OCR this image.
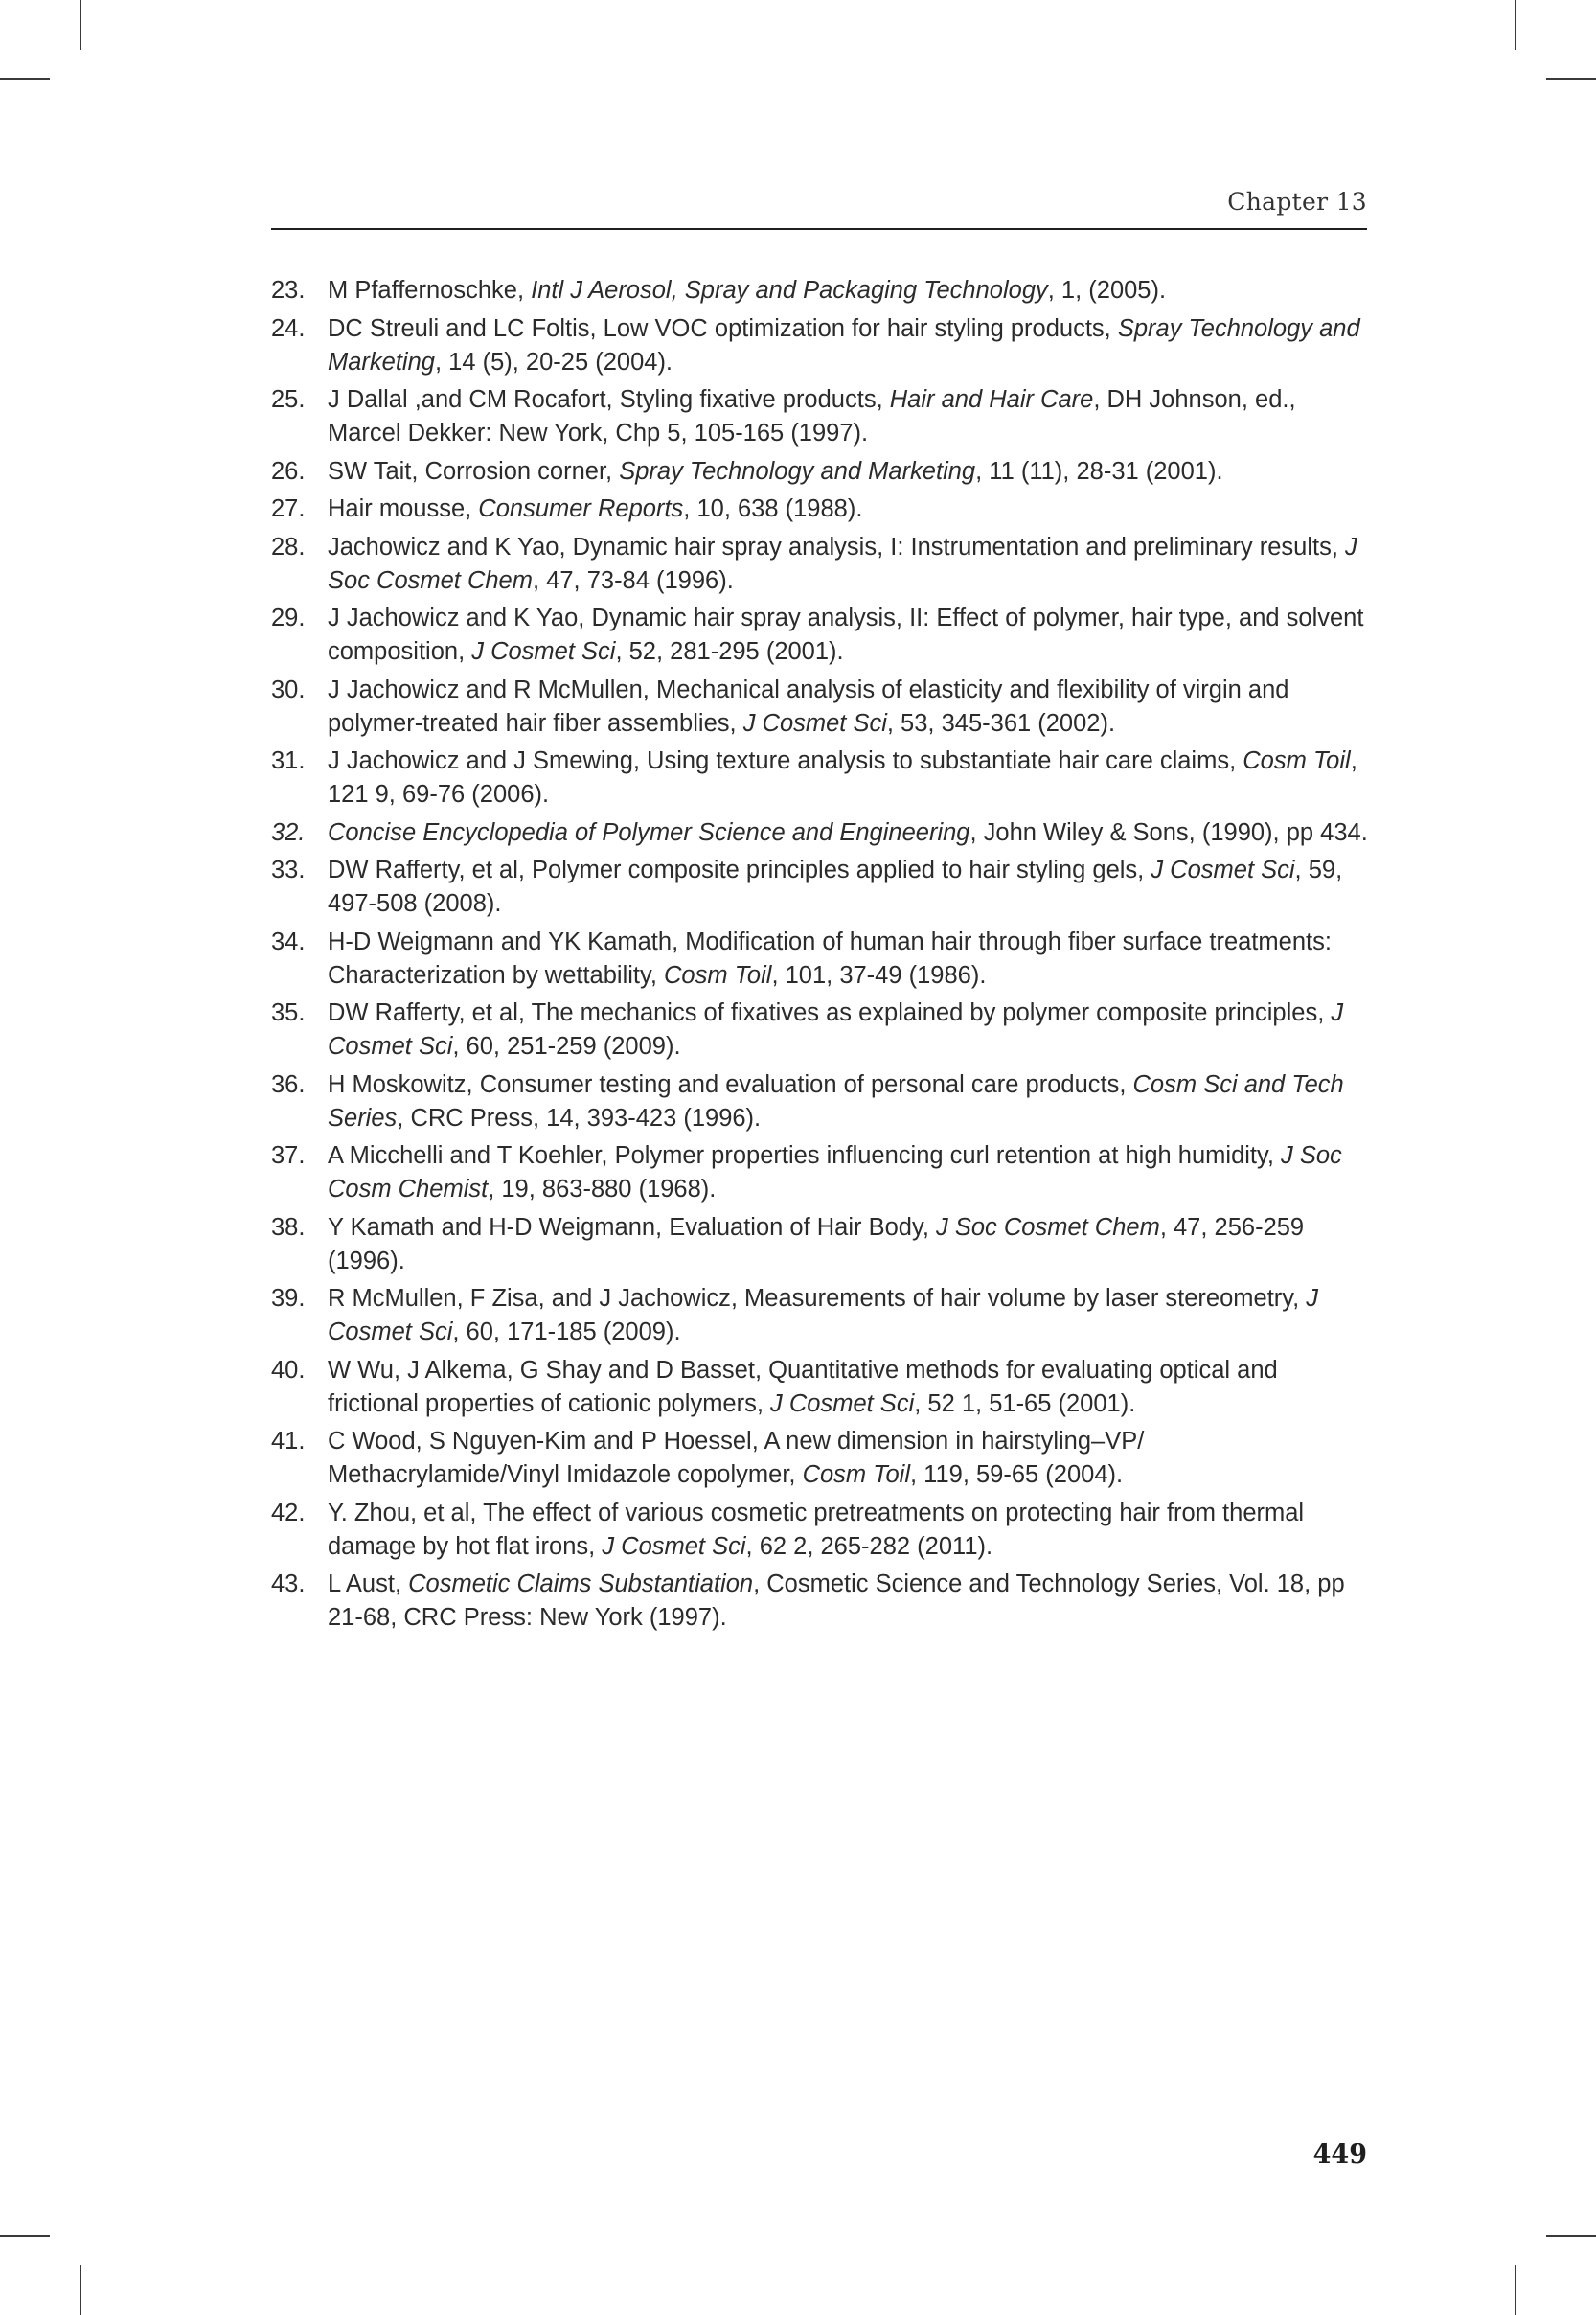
Chapter 13
23. M Pfaffernoschke, Intl J Aerosol, Spray and Packaging Technology, 1, (2005).
24. DC Streuli and LC Foltis, Low VOC optimization for hair styling products, Spray Technology and Marketing, 14 (5), 20-25 (2004).
25. J Dallal ,and CM Rocafort, Styling fixative products, Hair and Hair Care, DH Johnson, ed., Marcel Dekker: New York, Chp 5, 105-165 (1997).
26. SW Tait, Corrosion corner, Spray Technology and Marketing, 11 (11), 28-31 (2001).
27. Hair mousse, Consumer Reports, 10, 638 (1988).
28. Jachowicz and K Yao, Dynamic hair spray analysis, I: Instrumentation and preliminary results, J Soc Cosmet Chem, 47, 73-84 (1996).
29. J Jachowicz and K Yao, Dynamic hair spray analysis, II: Effect of polymer, hair type, and solvent composition, J Cosmet Sci, 52, 281-295 (2001).
30. J Jachowicz and R McMullen, Mechanical analysis of elasticity and flexibility of virgin and polymer-treated hair fiber assemblies, J Cosmet Sci, 53, 345-361 (2002).
31. J Jachowicz and J Smewing, Using texture analysis to substantiate hair care claims, Cosm Toil, 121 9, 69-76 (2006).
32. Concise Encyclopedia of Polymer Science and Engineering, John Wiley & Sons, (1990), pp 434.
33. DW Rafferty, et al, Polymer composite principles applied to hair styling gels, J Cosmet Sci, 59, 497-508 (2008).
34. H-D Weigmann and YK Kamath, Modification of human hair through fiber surface treatments: Characterization by wettability, Cosm Toil, 101, 37-49 (1986).
35. DW Rafferty, et al, The mechanics of fixatives as explained by polymer composite principles, J Cosmet Sci, 60, 251-259 (2009).
36. H Moskowitz, Consumer testing and evaluation of personal care products, Cosm Sci and Tech Series, CRC Press, 14, 393-423 (1996).
37. A Micchelli and T Koehler, Polymer properties influencing curl retention at high humidity, J Soc Cosm Chemist, 19, 863-880 (1968).
38. Y Kamath and H-D Weigmann, Evaluation of Hair Body, J Soc Cosmet Chem, 47, 256-259 (1996).
39. R McMullen, F Zisa, and J Jachowicz, Measurements of hair volume by laser stereometry, J Cosmet Sci, 60, 171-185 (2009).
40. W Wu, J Alkema, G Shay and D Basset, Quantitative methods for evaluating optical and frictional properties of cationic polymers, J Cosmet Sci, 52 1, 51-65 (2001).
41. C Wood, S Nguyen-Kim and P Hoessel, A new dimension in hairstyling–VP/ Methacrylamide/Vinyl Imidazole copolymer, Cosm Toil, 119, 59-65 (2004).
42. Y. Zhou, et al, The effect of various cosmetic pretreatments on protecting hair from thermal damage by hot flat irons, J Cosmet Sci, 62 2, 265-282 (2011).
43. L Aust, Cosmetic Claims Substantiation, Cosmetic Science and Technology Series, Vol. 18, pp 21-68, CRC Press: New York (1997).
449
